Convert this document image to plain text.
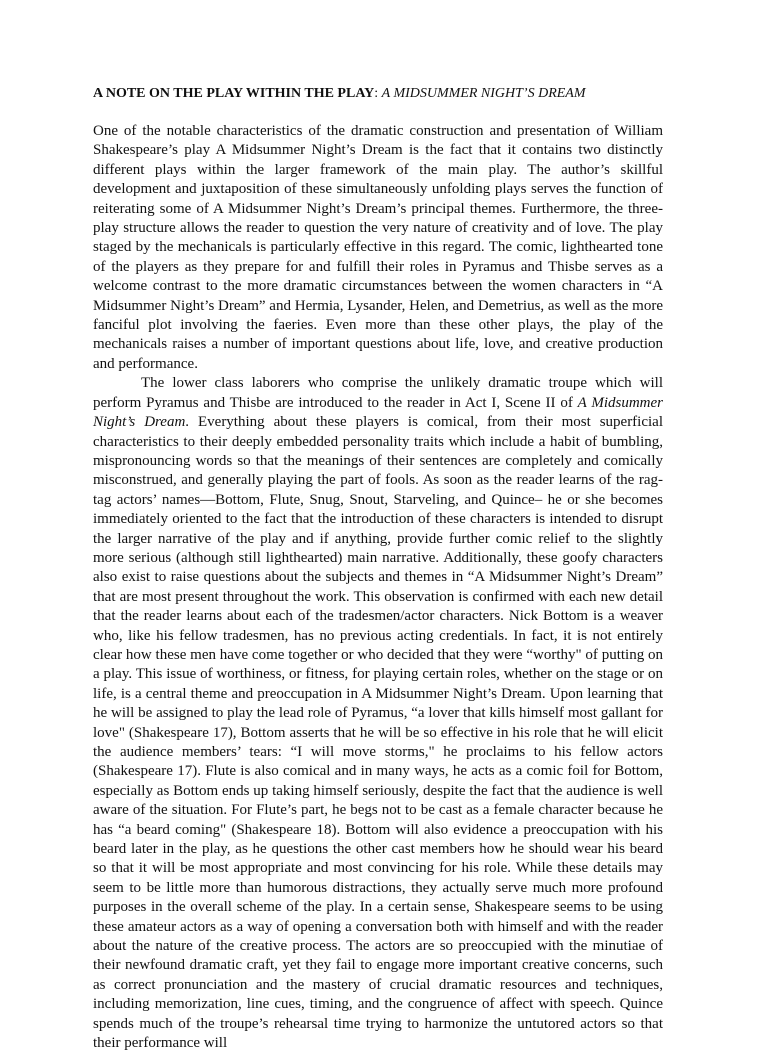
A NOTE ON THE PLAY WITHIN THE PLAY: A MIDSUMMER NIGHT’S DREAM

One of the notable characteristics of the dramatic construction and presentation of William Shakespeare’s play A Midsummer Night’s Dream is the fact that it contains two distinctly different plays within the larger framework of the main play. The author’s skillful development and juxtaposition of these simultaneously unfolding plays serves the function of reiterating some of A Midsummer Night’s Dream’s principal themes. Furthermore, the three-play structure allows the reader to question the very nature of creativity and of love. The play staged by the mechanicals is particularly effective in this regard. The comic, lighthearted tone of the players as they prepare for and fulfill their roles in Pyramus and Thisbe serves as a welcome contrast to the more dramatic circumstances between the women characters in “A Midsummer Night’s Dream” and Hermia, Lysander, Helen, and Demetrius, as well as the more fanciful plot involving the faeries. Even more than these other plays, the play of the mechanicals raises a number of important questions about life, love, and creative production and performance.

The lower class laborers who comprise the unlikely dramatic troupe which will perform Pyramus and Thisbe are introduced to the reader in Act I, Scene II of A Midsummer Night’s Dream. Everything about these players is comical, from their most superficial characteristics to their deeply embedded personality traits which include a habit of bumbling, mispronouncing words so that the meanings of their sentences are completely and comically misconstrued, and generally playing the part of fools. As soon as the reader learns of the rag-tag actors’ names—Bottom, Flute, Snug, Snout, Starveling, and Quince– he or she becomes immediately oriented to the fact that the introduction of these characters is intended to disrupt the larger narrative of the play and if anything, provide further comic relief to the slightly more serious (although still lighthearted) main narrative. Additionally, these goofy characters also exist to raise questions about the subjects and themes in “A Midsummer Night’s Dream” that are most present throughout the work. This observation is confirmed with each new detail that the reader learns about each of the tradesmen/actor characters. Nick Bottom is a weaver who, like his fellow tradesmen, has no previous acting credentials. In fact, it is not entirely clear how these men have come together or who decided that they were “worthy" of putting on a play. This issue of worthiness, or fitness, for playing certain roles, whether on the stage or on life, is a central theme and preoccupation in A Midsummer Night’s Dream. Upon learning that he will be assigned to play the lead role of Pyramus, “a lover that kills himself most gallant for love" (Shakespeare 17), Bottom asserts that he will be so effective in his role that he will elicit the audience members’ tears: “I will move storms," he proclaims to his fellow actors (Shakespeare 17). Flute is also comical and in many ways, he acts as a comic foil for Bottom, especially as Bottom ends up taking himself seriously, despite the fact that the audience is well aware of the situation. For Flute’s part, he begs not to be cast as a female character because he has “a beard coming" (Shakespeare 18). Bottom will also evidence a preoccupation with his beard later in the play, as he questions the other cast members how he should wear his beard so that it will be most appropriate and most convincing for his role. While these details may seem to be little more than humorous distractions, they actually serve much more profound purposes in the overall scheme of the play. In a certain sense, Shakespeare seems to be using these amateur actors as a way of opening a conversation both with himself and with the reader about the nature of the creative process. The actors are so preoccupied with the minutiae of their newfound dramatic craft, yet they fail to engage more important creative concerns, such as correct pronunciation and the mastery of crucial dramatic resources and techniques, including memorization, line cues, timing, and the congruence of affect with speech. Quince spends much of the troupe’s rehearsal time trying to harmonize the untutored actors so that their performance will
